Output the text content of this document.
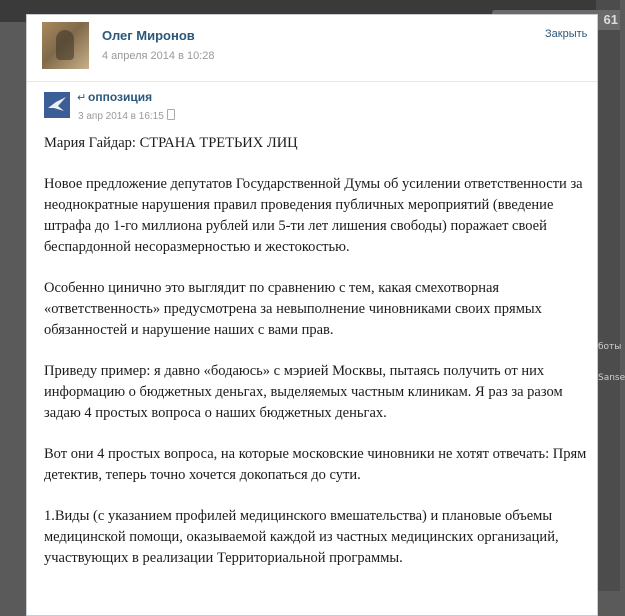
61
боты
Sanse
Олег Миронов
4 апреля 2014 в 10:28
Закрыть
↵ оппозиция
3 апр 2014 в 16:15

Мария Гайдар: СТРАНА ТРЕТЬИХ ЛИЦ

Новое предложение депутатов Государственной Думы об усилении ответственности за неоднократные нарушения правил проведения публичных мероприятий (введение штрафа до 1-го миллиона рублей или 5-ти лет лишения свободы) поражает своей беспардонной несоразмерностью и жестокостью.

Особенно цинично это выглядит по сравнению с тем, какая смехотворная «ответственность» предусмотрена за невыполнение чиновниками своих прямых обязанностей и нарушение наших с вами прав.

Приведу пример: я давно «бодаюсь» с мэрией Москвы, пытаясь получить от них информацию о бюджетных деньгах, выделяемых частным клиникам. Я раз за разом задаю 4 простых вопроса о наших бюджетных деньгах.

Вот они 4 простых вопроса, на которые московские чиновники не хотят отвечать: Прям детектив, теперь точно хочется докопаться до сути.

1.Виды (с указанием профилей медицинского вмешательства) и плановые объемы медицинской помощи, оказываемой каждой из частных медицинских организаций, участвующих в реализации Территориальной программы.
